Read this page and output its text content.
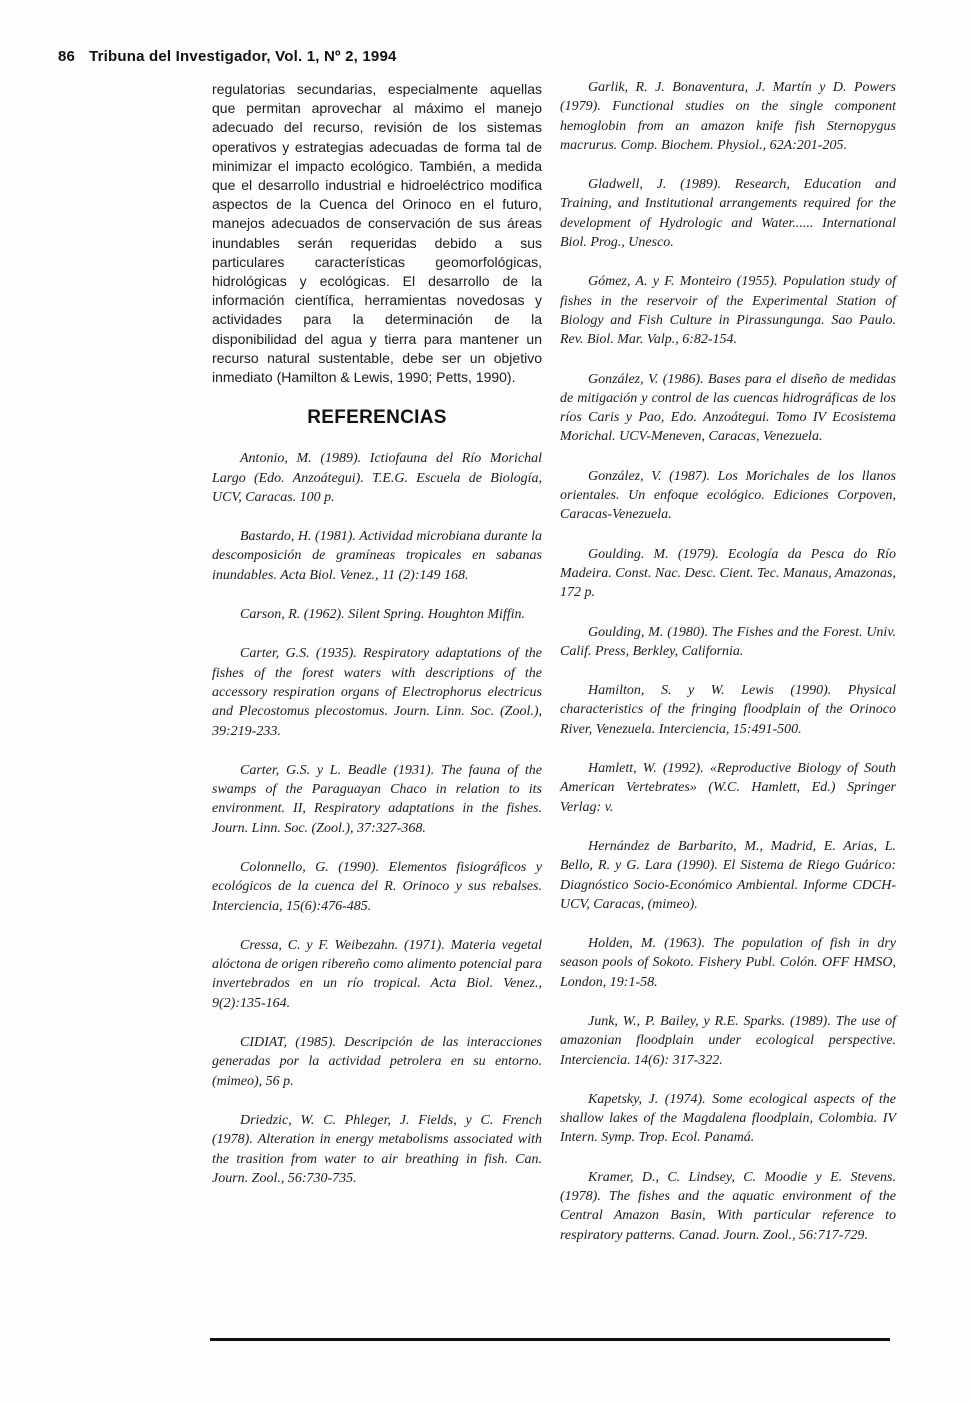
86 Tribuna del Investigador, Vol. 1, Nº 2, 1994

regulatorias secundarias, especialmente aquellas que permitan aprovechar al máximo el manejo adecuado del recurso, revisión de los sistemas operativos y estrategias adecuadas de forma tal de minimizar el impacto ecológico. También, a medida que el desarrollo industrial e hidroeléctrico modifica aspectos de la Cuenca del Orinoco en el futuro, manejos adecuados de conservación de sus áreas inundables serán requeridas debido a sus particulares características geomorfológicas, hidrológicas y ecológicas. El desarrollo de la información científica, herramientas novedosas y actividades para la determinación de la disponibilidad del agua y tierra para mantener un recurso natural sustentable, debe ser un objetivo inmediato (Hamilton & Lewis, 1990; Petts, 1990).

REFERENCIAS
Antonio, M. (1989). Ictiofauna del Río Morichal Largo (Edo. Anzoátegui). T.E.G. Escuela de Biología, UCV, Caracas. 100 p.
Bastardo, H. (1981). Actividad microbiana durante la descomposición de gramíneas tropicales en sabanas inundables. Acta Biol. Venez., 11 (2):149 168.
Carson, R. (1962). Silent Spring. Houghton Miffin.
Carter, G.S. (1935). Respiratory adaptations of the fishes of the forest waters with descriptions of the accessory respiration organs of Electrophorus electricus and Plecostomus plecostomus. Journ. Linn. Soc. (Zool.), 39:219-233.
Carter, G.S. y L. Beadle (1931). The fauna of the swamps of the Paraguayan Chaco in relation to its environment. II, Respiratory adaptations in the fishes. Journ. Linn. Soc. (Zool.), 37:327-368.
Colonnello, G. (1990). Elementos fisiográficos y ecológicos de la cuenca del R. Orinoco y sus rebalses. Interciencia, 15(6):476-485.
Cressa, C. y F. Weibezahn. (1971). Materia vegetal alóctona de origen ribereño como alimento potencial para invertebrados en un río tropical. Acta Biol. Venez., 9(2):135-164.
CIDIAT, (1985). Descripción de las interacciones generadas por la actividad petrolera en su entorno. (mimeo), 56 p.
Driedzic, W. C. Phleger, J. Fields, y C. French (1978). Alteration in energy metabolisms associated with the trasition from water to air breathing in fish. Can. Journ. Zool., 56:730-735.
Garlik, R. J. Bonaventura, J. Martín y D. Powers (1979). Functional studies on the single component hemoglobin from an amazon knife fish Sternopygus macrurus. Comp. Biochem. Physiol., 62A:201-205.
Gladwell, J. (1989). Research, Education and Training, and Institutional arrangements required for the development of Hydrologic and Water...... International Biol. Prog., Unesco.
Gómez, A. y F. Monteiro (1955). Population study of fishes in the reservoir of the Experimental Station of Biology and Fish Culture in Pirassungunga. Sao Paulo. Rev. Biol. Mar. Valp., 6:82-154.
González, V. (1986). Bases para el diseño de medidas de mitigación y control de las cuencas hidrográficas de los ríos Caris y Pao, Edo. Anzoátegui. Tomo IV Ecosistema Morichal. UCV-Meneven, Caracas, Venezuela.
González, V. (1987). Los Morichales de los llanos orientales. Un enfoque ecológico. Ediciones Corpoven, Caracas-Venezuela.
Goulding. M. (1979). Ecología da Pesca do Río Madeira. Const. Nac. Desc. Cient. Tec. Manaus, Amazonas, 172 p.
Goulding, M. (1980). The Fishes and the Forest. Univ. Calif. Press, Berkley, California.
Hamilton, S. y W. Lewis (1990). Physical characteristics of the fringing floodplain of the Orinoco River, Venezuela. Interciencia, 15:491-500.
Hamlett, W. (1992). «Reproductive Biology of South American Vertebrates» (W.C. Hamlett, Ed.) Springer Verlag: v.
Hernández de Barbarito, M., Madrid, E. Arias, L. Bello, R. y G. Lara (1990). El Sistema de Riego Guárico: Diagnóstico Socio-Económico Ambiental. Informe CDCH-UCV, Caracas, (mimeo).
Holden, M. (1963). The population of fish in dry season pools of Sokoto. Fishery Publ. Colón. OFF HMSO, London, 19:1-58.
Junk, W., P. Bailey, y R.E. Sparks. (1989). The use of amazonian floodplain under ecological perspective. Interciencia. 14(6): 317-322.
Kapetsky, J. (1974). Some ecological aspects of the shallow lakes of the Magdalena floodplain, Colombia. IV Intern. Symp. Trop. Ecol. Panamá.
Kramer, D., C. Lindsey, C. Moodie y E. Stevens. (1978). The fishes and the aquatic environment of the Central Amazon Basin, With particular reference to respiratory patterns. Canad. Journ. Zool., 56:717-729.
